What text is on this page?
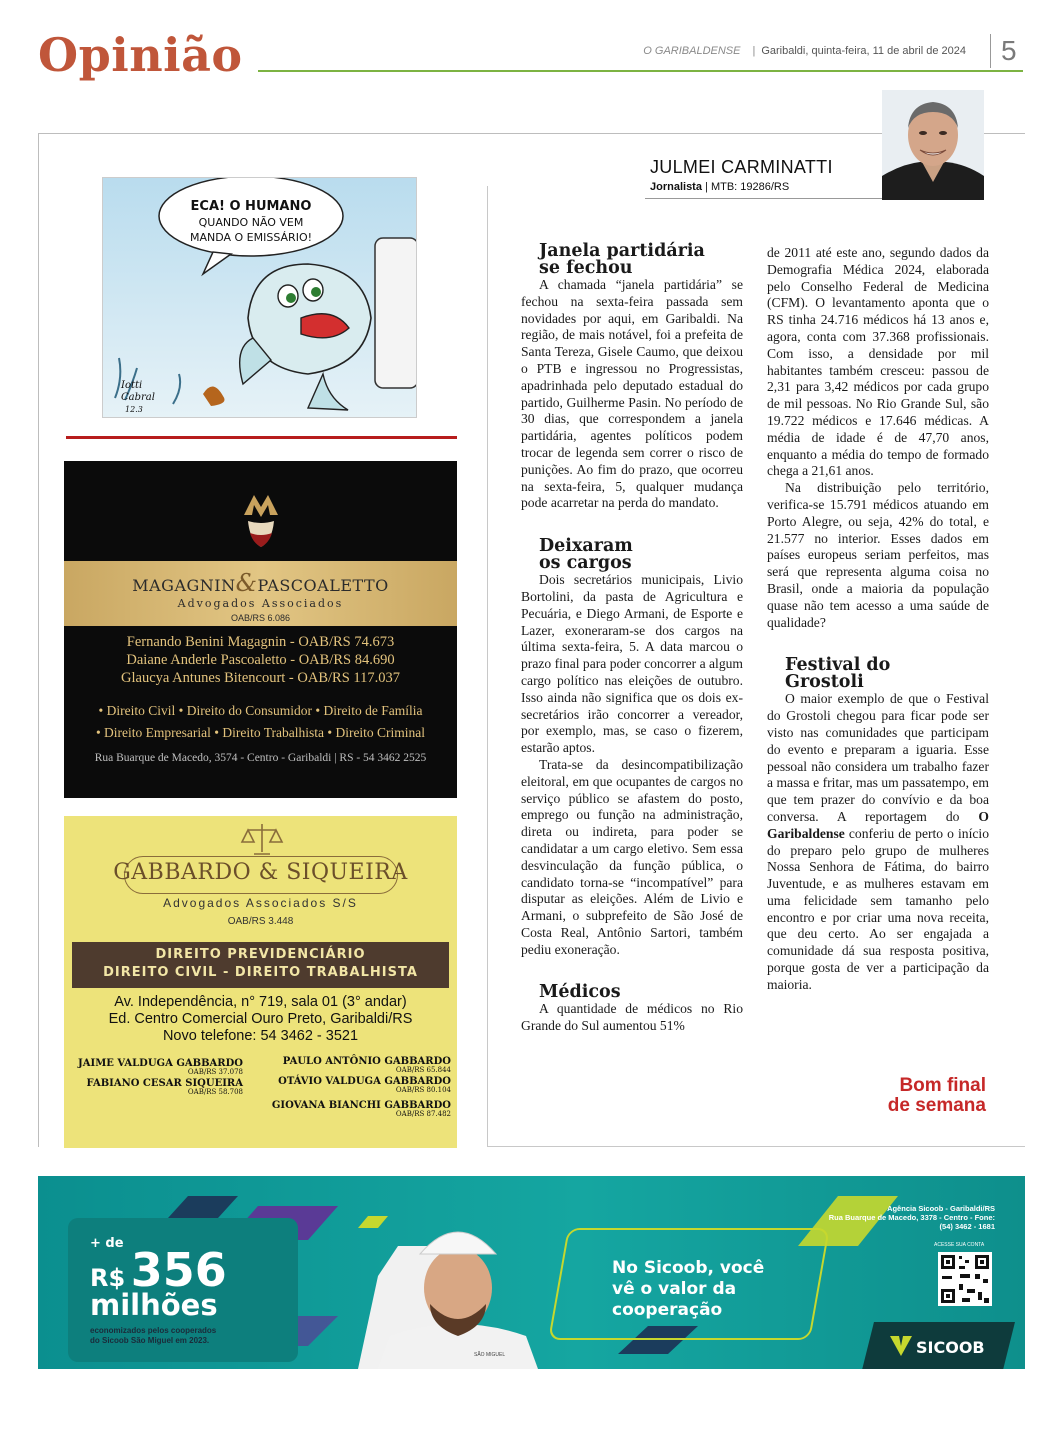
Opinião	O GARIBALDENSE | Garibaldi, quinta-feira, 11 de abril de 2024	5
JULMEI CARMINATTI
Jornalista | MTB: 19286/RS
ECA! O HUMANO
QUANDO NÃO VEM
MANDA O EMISSÁRIO!
Iotti
Cabral
12.3
MAGAGNIN&PASCOALETTO
Advogados Associados
OAB/RS 6.086
Fernando Benini Magagnin - OAB/RS 74.673
Daiane Anderle Pascoaletto - OAB/RS 84.690
Glaucya Antunes Bitencourt - OAB/RS 117.037
• Direito Civil • Direito do Consumidor • Direito de Família
• Direito Empresarial • Direito Trabalhista • Direito Criminal
Rua Buarque de Macedo, 3574 - Centro - Garibaldi | RS - 54 3462 2525
GABBARDO & SIQUEIRA
Advogados Associados S/S
OAB/RS 3.448
DIREITO PREVIDENCIÁRIO
DIREITO CIVIL - DIREITO TRABALHISTA
Av. Independência, n° 719, sala 01 (3° andar)
Ed. Centro Comercial Ouro Preto, Garibaldi/RS
Novo telefone: 54 3462 - 3521
JAIME VALDUGA GABBARDO
OAB/RS 37.078
FABIANO CESAR SIQUEIRA
OAB/RS 58.708
PAULO ANTÔNIO GABBARDO
OAB/RS 65.844
OTÁVIO VALDUGA GABBARDO
OAB/RS 80.104
GIOVANA BIANCHI GABBARDO
OAB/RS 87.482
Janela partidária
se fechou

A chamada “janela partidária” se fechou na sexta-feira passada sem novidades por aqui, em Garibaldi. Na região, de mais notável, foi a prefeita de Santa Tereza, Gisele Caumo, que deixou o PTB e ingressou no Progressistas, apadrinhada pelo deputado estadual do partido, Guilherme Pasin. No período de 30 dias, que correspondem a janela partidária, agentes políticos podem trocar de legenda sem correr o risco de punições. Ao fim do prazo, que ocorreu na sexta-feira, 5, qualquer mudança pode acarretar na perda do mandato.

Deixaram
os cargos

Dois secretários municipais, Livio Bortolini, da pasta de Agricultura e Pecuária, e Diego Armani, de Esporte e Lazer, exoneraram-se dos cargos na última sexta-feira, 5. A data marcou o prazo final para poder concorrer a algum cargo político nas eleições de outubro. Isso ainda não significa que os dois ex-secretários irão concorrer a vereador, por exemplo, mas, se caso o fizerem, estarão aptos.

Trata-se da desincompatibilização eleitoral, em que ocupantes de cargos no serviço público se afastem do posto, emprego ou função na administração, direta ou indireta, para poder se candidatar a um cargo eletivo. Sem essa desvinculação da função pública, o candidato torna-se “incompatível” para disputar as eleições. Além de Livio e Armani, o subprefeito de São José de Costa Real, Antônio Sartori, também pediu exoneração.

Médicos

A quantidade de médicos no Rio Grande do Sul aumentou 51%

de 2011 até este ano, segundo dados da Demografia Médica 2024, elaborada pelo Conselho Federal de Medicina (CFM). O levantamento aponta que o RS tinha 24.716 médicos há 13 anos e, agora, conta com 37.368 profissionais. Com isso, a densidade por mil habitantes também cresceu: passou de 2,31 para 3,42 médicos por cada grupo de mil pessoas. No Rio Grande Sul, são 19.722 médicos e 17.646 médicas. A média de idade é de 47,70 anos, enquanto a média do tempo de formado chega a 21,61 anos.

Na distribuição pelo território, verifica-se 15.791 médicos atuando em Porto Alegre, ou seja, 42% do total, e 21.577 no interior. Esses dados em países europeus seriam perfeitos, mas será que representa alguma coisa no Brasil, onde a maioria da população quase não tem acesso a uma saúde de qualidade?

Festival do
Grostoli

O maior exemplo de que o Festival do Grostoli chegou para ficar pode ser visto nas comunidades que participam do evento e preparam a iguaria. Esse pessoal não considera um trabalho fazer a massa e fritar, mas um passatempo, em que tem prazer do convívio e da boa conversa. A reportagem do O Garibaldense conferiu de perto o início do preparo pelo grupo de mulheres Nossa Senhora de Fátima, do bairro Juventude, e as mulheres estavam em uma felicidade sem tamanho pelo encontro e por criar uma nova receita, que deu certo. Ao ser engajada a comunidade dá sua resposta positiva, porque gosta de ver a participação da maioria.

Bom final
de semana
+ de
R$ 356
milhões
economizados pelos cooperados
do Sicoob São Miguel em 2023.
No Sicoob, você
vê o valor da
cooperação
Agência Sicoob - Garibaldi/RS
Rua Buarque de Macedo, 3378 - Centro - Fone:
(54) 3462 - 1681
ACESSE SUA CONTA
SICOOB
SÃO MIGUEL
